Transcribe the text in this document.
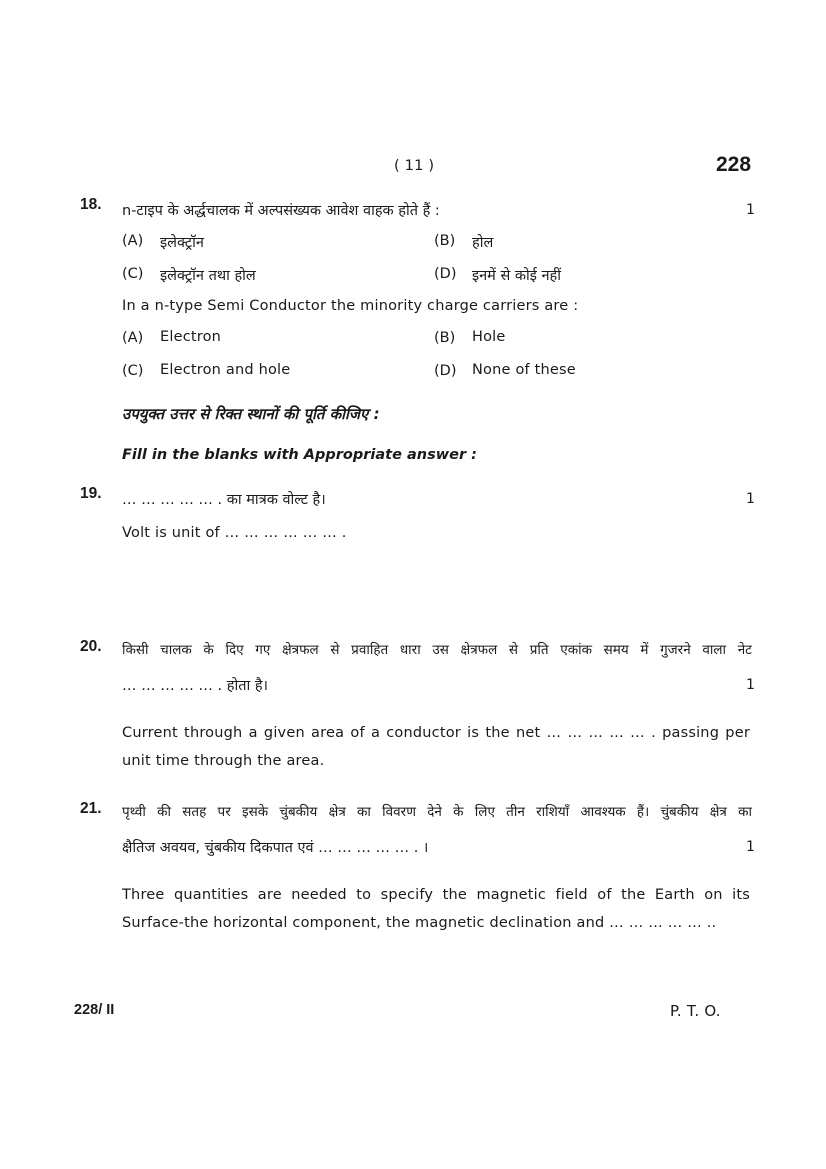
( 11 )	228
18. n-टाइप के अर्द्धचालक में अल्पसंख्यक आवेश वाहक होते हैं :	1
(A) इलेक्ट्रॉन	(B) होल
(C) इलेक्ट्रॉन तथा होल	(D) इनमें से कोई नहीं
In a n-type Semi Conductor the minority charge carriers are :
(A) Electron	(B) Hole
(C) Electron and hole	(D) None of these
उपयुक्त उत्तर से रिक्त स्थानों की पूर्ति कीजिए :
Fill in the blanks with Appropriate answer :
19. … … … … … . का मात्रक वोल्ट है।	1
Volt is unit of … … … … … … .
20. किसी चालक के दिए गए क्षेत्रफल से प्रवाहित धारा उस क्षेत्रफल से प्रति एकांक समय में गुजरने वाला नेट
… … … … … . होता है।	1
Current through a given area of a conductor is the net … … … … … . passing per
unit time through the area.
21. पृथ्वी की सतह पर इसके चुंबकीय क्षेत्र का विवरण देने के लिए तीन राशियाँ आवश्यक हैं। चुंबकीय क्षेत्र का
क्षैतिज अवयव, चुंबकीय दिकपात एवं … … … … … . ।	1
Three quantities are needed to specify the magnetic field of the Earth on its
Surface-the horizontal component, the magnetic declination and … … … … … ..
228/ II	P. T. O.
